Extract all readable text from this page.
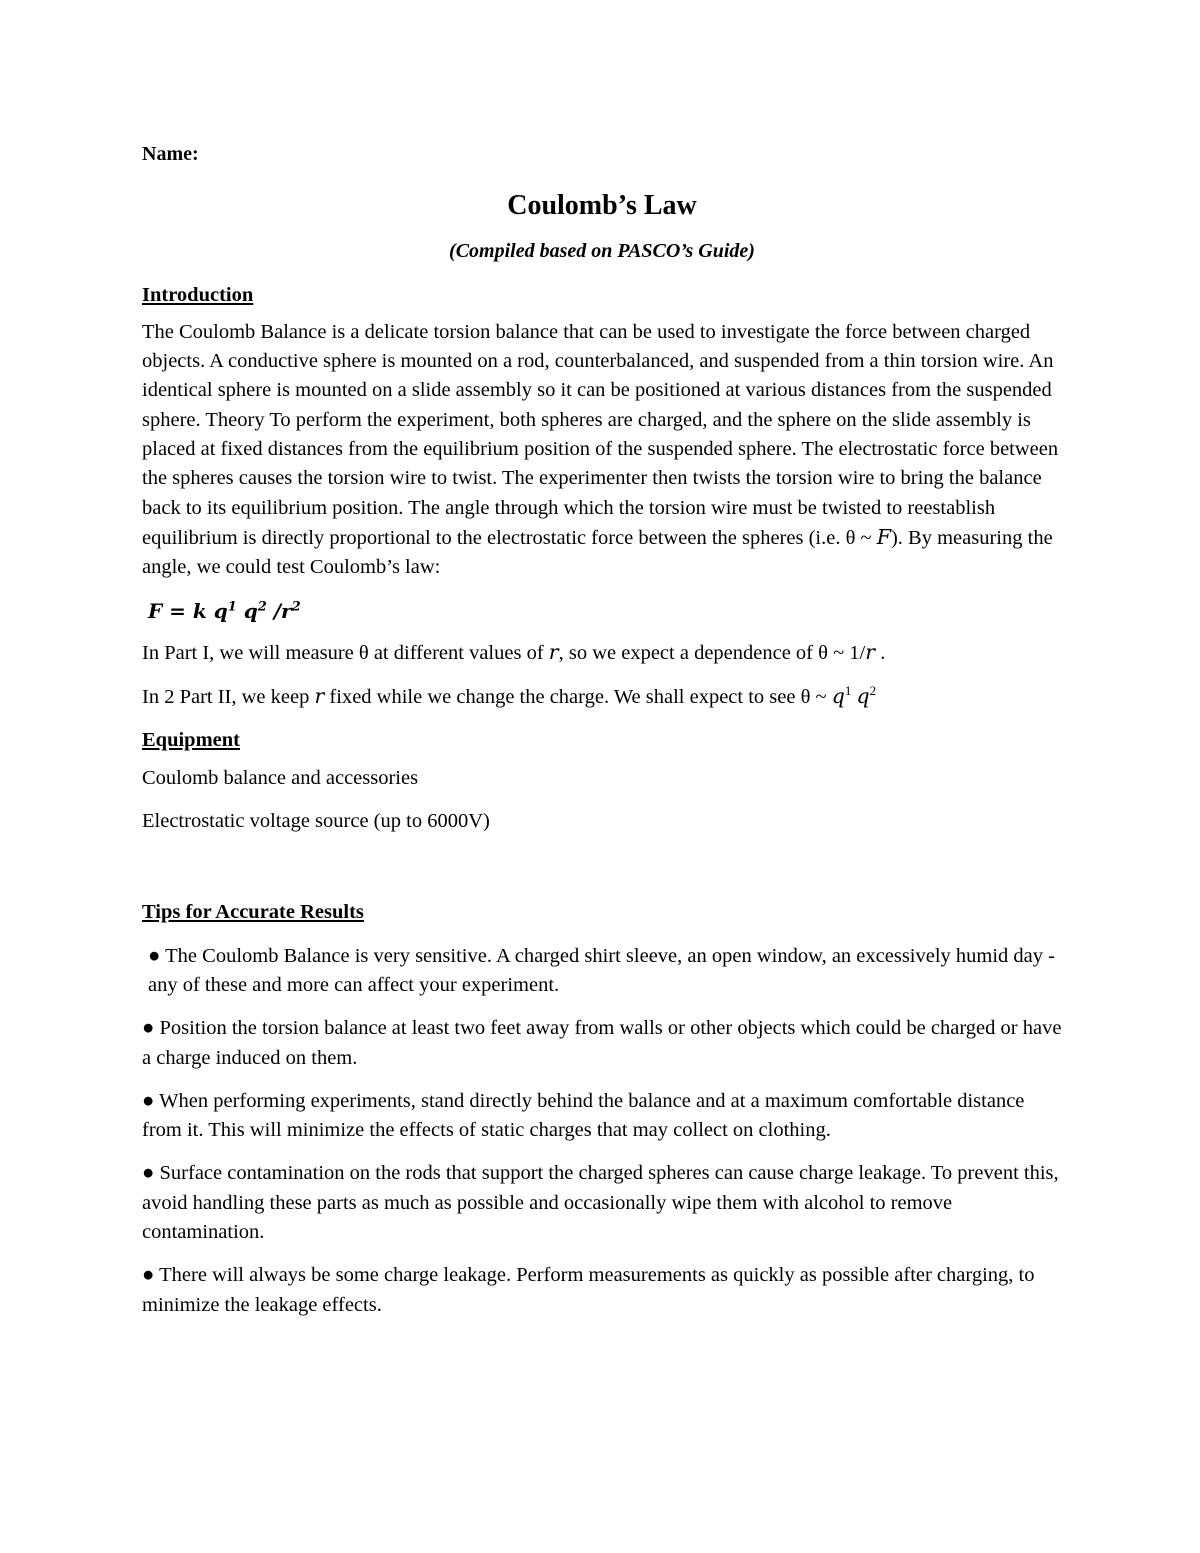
Name:
Coulomb’s Law
(Compiled based on PASCO’s Guide)
Introduction

The Coulomb Balance is a delicate torsion balance that can be used to investigate the force between charged objects. A conductive sphere is mounted on a rod, counterbalanced, and suspended from a thin torsion wire. An identical sphere is mounted on a slide assembly so it can be positioned at various distances from the suspended sphere. Theory To perform the experiment, both spheres are charged, and the sphere on the slide assembly is placed at fixed distances from the equilibrium position of the suspended sphere. The electrostatic force between the spheres causes the torsion wire to twist. The experimenter then twists the torsion wire to bring the balance back to its equilibrium position. The angle through which the torsion wire must be twisted to reestablish equilibrium is directly proportional to the electrostatic force between the spheres (i.e. θ ~ F). By measuring the angle, we could test Coulomb’s law:

F = k $q^1$ $q^2$ $/r^2$

In Part I, we will measure θ at different values of r, so we expect a dependence of θ ~ 1/r .

In 2 Part II, we keep r fixed while we change the charge. We shall expect to see θ ~ $q^1$ $q^2$

Equipment

Coulomb balance and accessories

Electrostatic voltage source (up to 6000V)

Tips for Accurate Results

● The Coulomb Balance is very sensitive. A charged shirt sleeve, an open window, an excessively humid day - any of these and more can affect your experiment.

● Position the torsion balance at least two feet away from walls or other objects which could be charged or have a charge induced on them.

● When performing experiments, stand directly behind the balance and at a maximum comfortable distance from it. This will minimize the effects of static charges that may collect on clothing.

● Surface contamination on the rods that support the charged spheres can cause charge leakage. To prevent this, avoid handling these parts as much as possible and occasionally wipe them with alcohol to remove contamination.

● There will always be some charge leakage. Perform measurements as quickly as possible after charging, to minimize the leakage effects.
